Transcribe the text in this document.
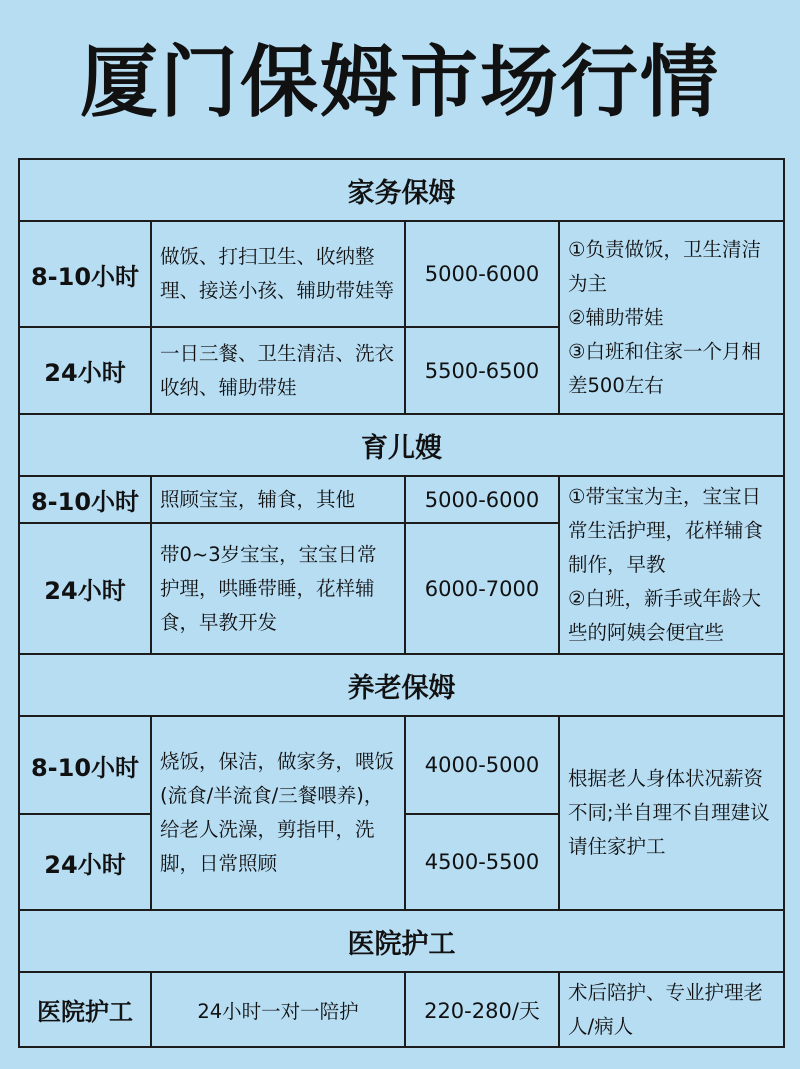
厦门保姆市场行情
家务保姆			
8-10小时	做饭、打扫卫生、收纳整理、接送小孩、辅助带娃等	5000-6000	①负责做饭，卫生清洁为主
②辅助带娃
③白班和住家一个月相差500左右
24小时	一日三餐、卫生清洁、洗衣收纳、辅助带娃	5500-6500	
育儿嫂			
8-10小时	照顾宝宝，辅食，其他	5000-6000	①带宝宝为主，宝宝日常生活护理，花样辅食制作，早教
②白班，新手或年龄大些的阿姨会便宜些
24小时	带0~3岁宝宝，宝宝日常护理，哄睡带睡，花样辅食，早教开发	6000-7000	
养老保姆			
8-10小时	烧饭，保洁，做家务，喂饭(流食/半流食/三餐喂养)，给老人洗澡，剪指甲，洗脚，日常照顾	4000-5000	根据老人身体状况薪资不同;半自理不自理建议请住家护工
24小时		4500-5500	
医院护工			
医院护工	24小时一对一陪护	220-280/天	术后陪护、专业护理老人/病人
